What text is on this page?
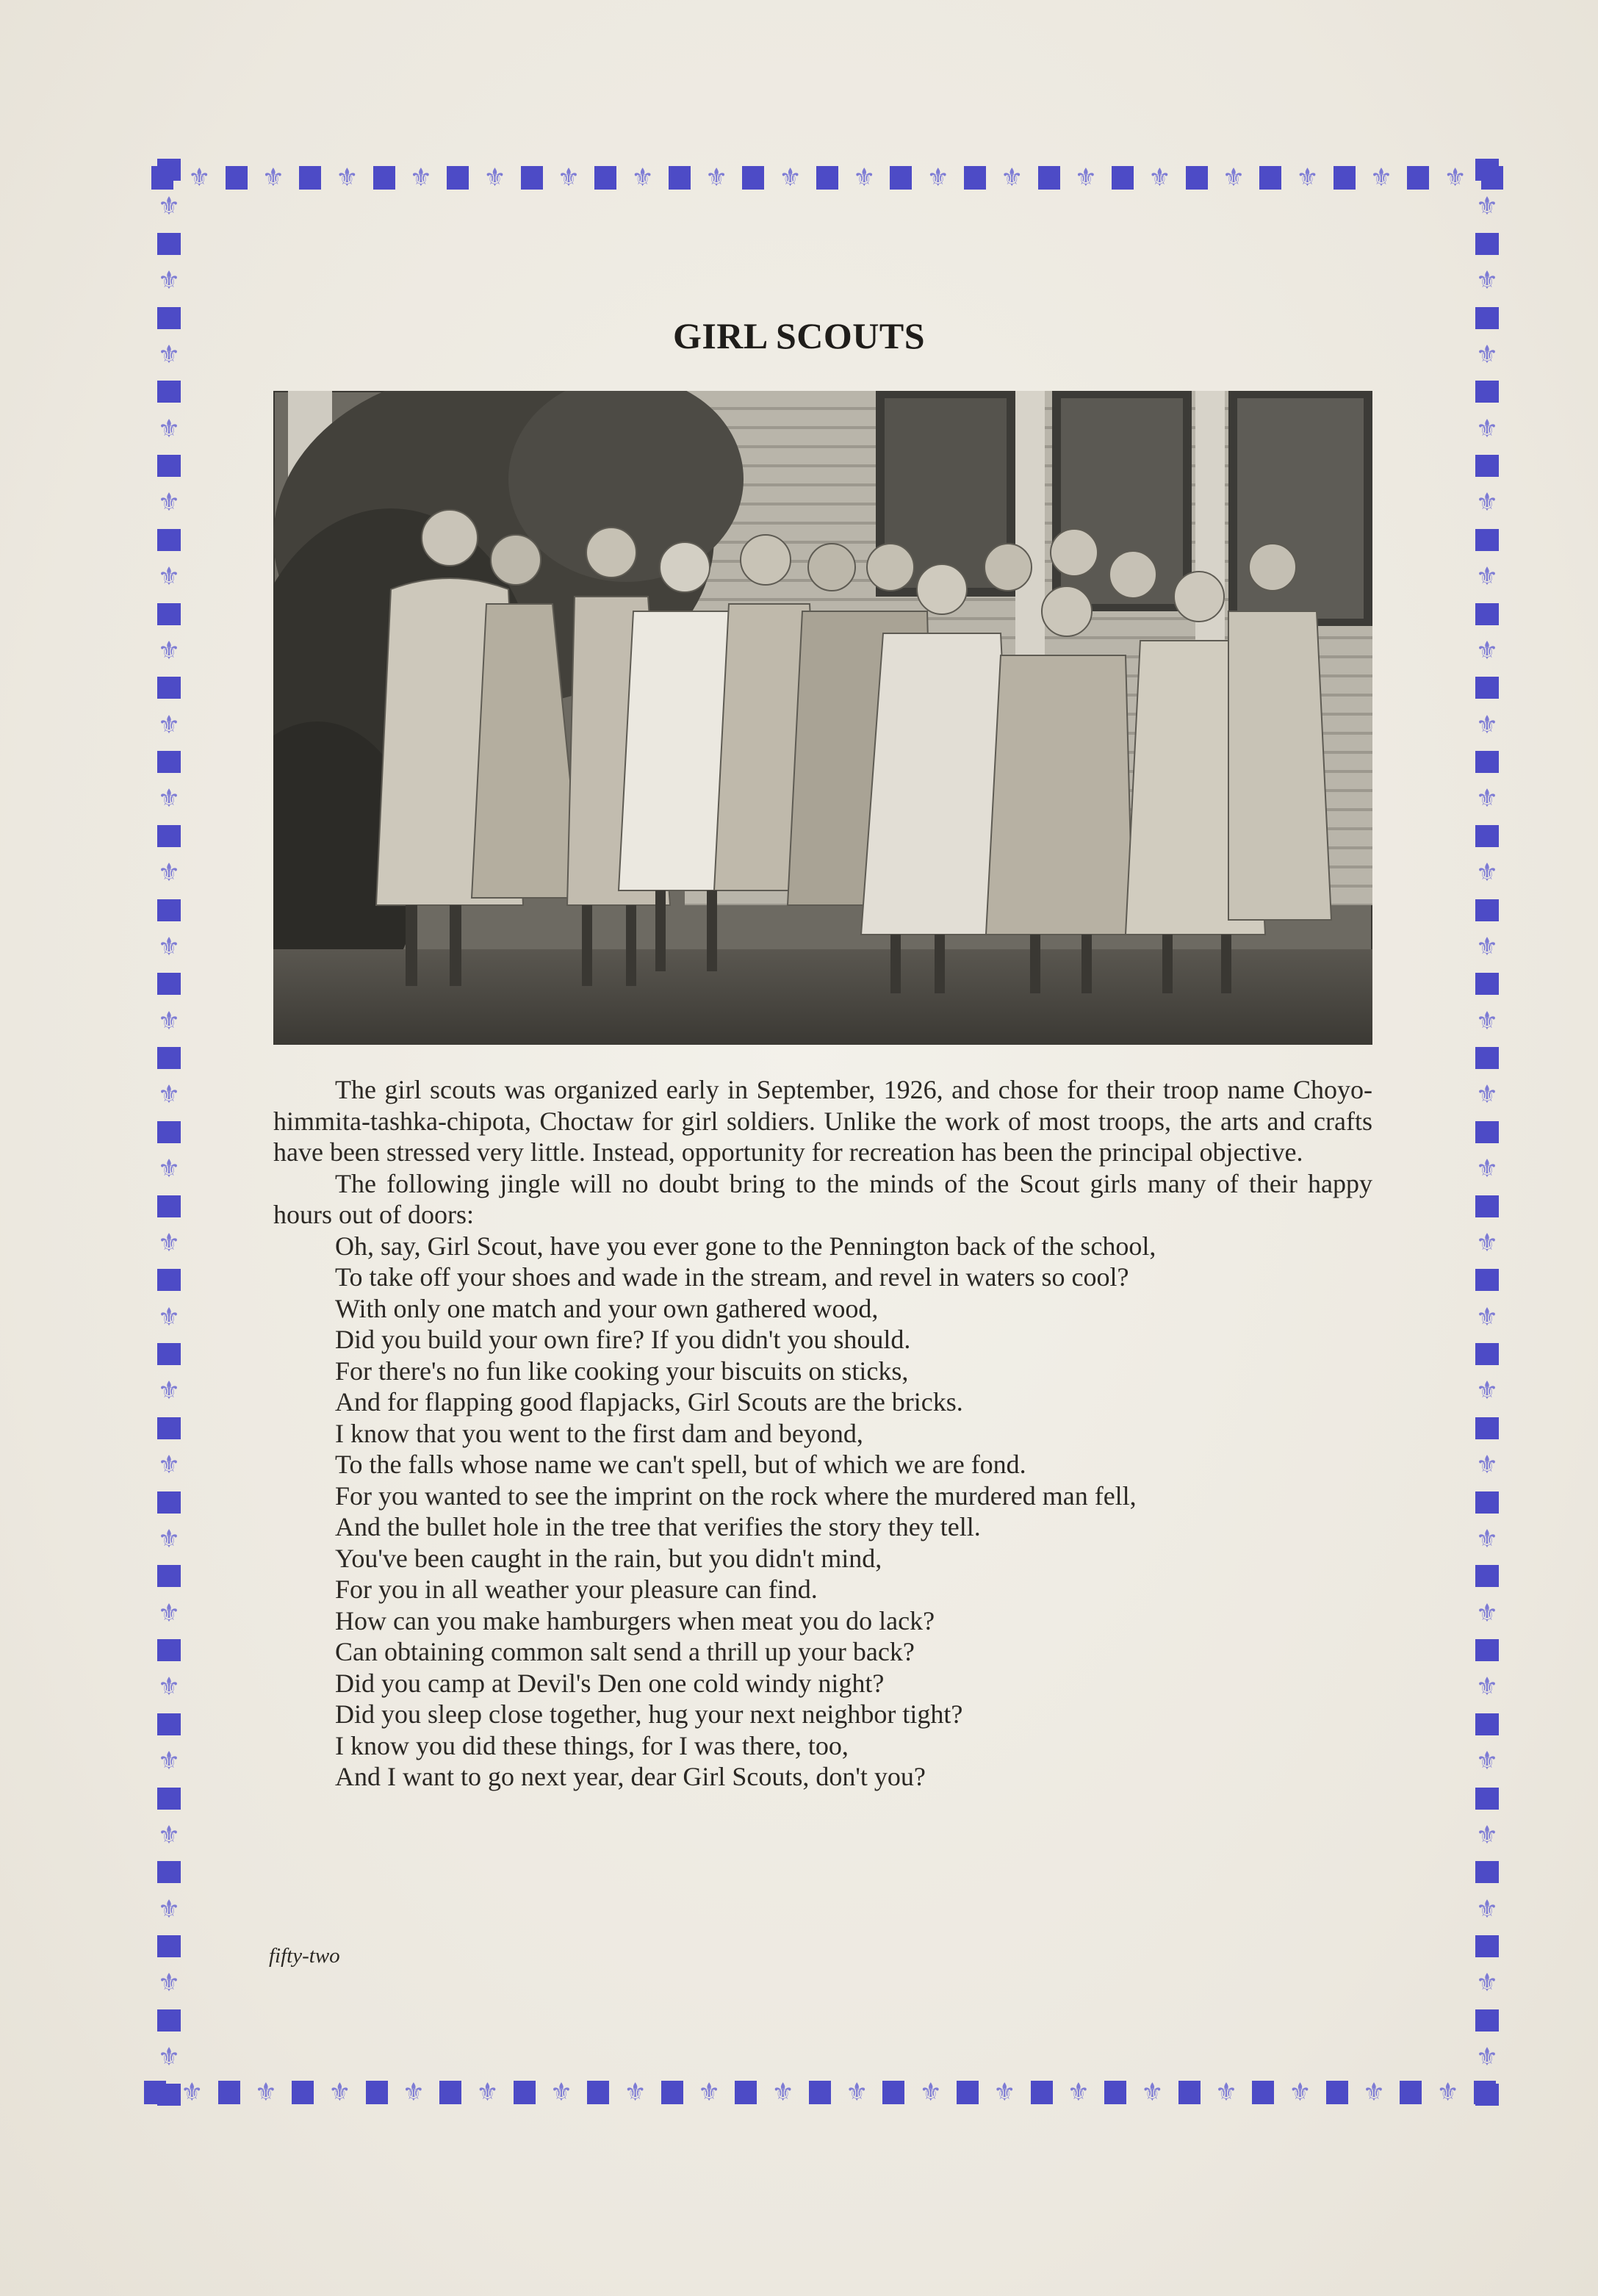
⚜ ⚜ ⚜ ⚜ ⚜ ⚜ ⚜ ⚜ ⚜ ⚜ ⚜ ⚜ ⚜ ⚜ ⚜ ⚜ ⚜ ⚜
⚜ ⚜ ⚜ ⚜ ⚜ ⚜ ⚜ ⚜ ⚜ ⚜ ⚜ ⚜ ⚜ ⚜ ⚜ ⚜ ⚜ ⚜
⚜
⚜
⚜
⚜
⚜
⚜
⚜
⚜
⚜
⚜
⚜
⚜
⚜
⚜
⚜
⚜
⚜
⚜
⚜
⚜
⚜
⚜
⚜
⚜
⚜
⚜
⚜
⚜
⚜
⚜
⚜
⚜
⚜
⚜
⚜
⚜
⚜
⚜
⚜
⚜
⚜
⚜
⚜
⚜
⚜
⚜
⚜
⚜
⚜
⚜
⚜
⚜
GIRL SCOUTS

The girl scouts was organized early in September, 1926, and chose for their troop name Choyo-himmita-tashka-chipota, Choctaw for girl soldiers. Unlike the work of most troops, the arts and crafts have been stressed very little. Instead, opportunity for recreation has been the principal objective.

The following jingle will no doubt bring to the minds of the Scout girls many of their happy hours out of doors:

Oh, say, Girl Scout, have you ever gone to the Pennington back of the school,
To take off your shoes and wade in the stream, and revel in waters so cool?
With only one match and your own gathered wood,
Did you build your own fire? If you didn't you should.
For there's no fun like cooking your biscuits on sticks,
And for flapping good flapjacks, Girl Scouts are the bricks.
I know that you went to the first dam and beyond,
To the falls whose name we can't spell, but of which we are fond.
For you wanted to see the imprint on the rock where the murdered man fell,
And the bullet hole in the tree that verifies the story they tell.
You've been caught in the rain, but you didn't mind,
For you in all weather your pleasure can find.
How can you make hamburgers when meat you do lack?
Can obtaining common salt send a thrill up your back?
Did you camp at Devil's Den one cold windy night?
Did you sleep close together, hug your next neighbor tight?
I know you did these things, for I was there, too,
And I want to go next year, dear Girl Scouts, don't you?
fifty-two
